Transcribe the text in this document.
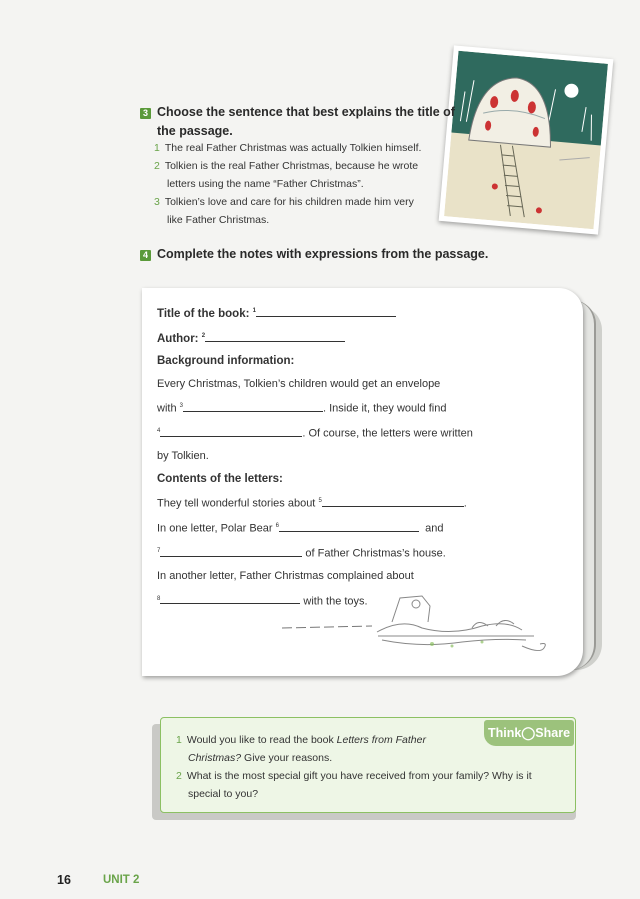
3 Choose the sentence that best explains the title of
the passage.
1 The real Father Christmas was actually Tolkien himself.
2 Tolkien is the real Father Christmas, because he wrote
letters using the name “Father Christmas”.
3 Tolkien’s love and care for his children made him very
like Father Christmas.
4 Complete the notes with expressions from the passage.
Title of the book: $^1$
Author: $^2$
Background information:
Every Christmas, Tolkien’s children would get an envelope
with $^3$	. Inside it, they would find
$^4$	. Of course, the letters were written
by Tolkien.
Contents of the letters:
They tell wonderful stories about $^5$	.
In one letter, Polar Bear $^6$	and
$^7$	of Father Christmas’s house.
In another letter, Father Christmas complained about
$^8$	with the toys.
Think◯Share
1 Would you like to read the book Letters from Father
Christmas? Give your reasons.
2 What is the most special gift you have received from your family? Why is it
special to you?
16	UNIT 2
